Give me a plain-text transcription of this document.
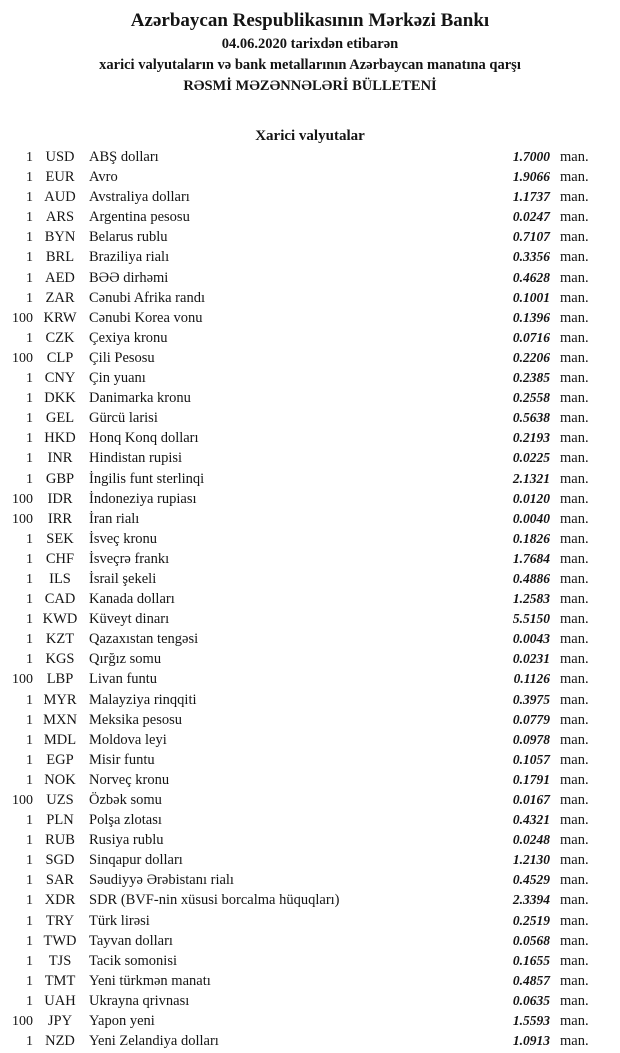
Azərbaycan Respublikasının Mərkəzi Bankı
04.06.2020 tarixdən etibarən
xarici valyutaların və bank metallarının Azərbaycan manatına qarşı
RƏSMİ MƏZƏNNƏLƏRİ BÜLLETENİ
Xarici valyutalar
1 USD	ABŞ dolları	1.7000 man.
1 EUR	Avro	1.9066 man.
1 AUD Avstraliya dolları	1.1737 man.
1 ARS	Argentina pesosu	0.0247 man.
1 BYN Belarus rublu	0.7107 man.
1 BRL	Braziliya rialı	0.3356 man.
1 AED BƏƏ dirhəmi	0.4628 man.
1 ZAR	Cənubi Afrika randı	0.1001 man.
100 KRW Cənubi Korea vonu	0.1396 man.
1 CZK	Çexiya kronu	0.0716 man.
100 CLP	Çili Pesosu	0.2206 man.
1 CNY Çin yuanı	0.2385 man.
1 DKK Danimarka kronu	0.2558 man.
1 GEL	Gürcü larisi	0.5638 man.
1 HKD Honq Konq dolları	0.2193 man.
1	INR	Hindistan rupisi	0.0225 man.
1 GBP	İngilis funt sterlinqi	2.1321 man.
100	IDR	İndoneziya rupiası	0.0120 man.
100	IRR	İran rialı	0.0040 man.
1 SEK	İsveç kronu	0.1826 man.
1 CHF	İsveçrə frankı	1.7684 man.
1	ILS	İsrail şekeli	0.4886 man.
1 CAD Kanada dolları	1.2583 man.
1 KWD Küveyt dinarı	5.5150 man.
1 KZT	Qazaxıstan tengəsi	0.0043 man.
1 KGS	Qırğız somu	0.0231 man.
100 LBP	Livan funtu	0.1126 man.
1 MYR Malayziya rinqqiti	0.3975 man.
1 MXN Meksika pesosu	0.0779 man.
1 MDL Moldova leyi	0.0978 man.
1 EGP	Misir funtu	0.1057 man.
1 NOK Norveç kronu	0.1791 man.
100 UZS	Özbək somu	0.0167 man.
1 PLN	Polşa zlotası	0.4321 man.
1 RUB Rusiya rublu	0.0248 man.
1 SGD	Sinqapur dolları	1.2130 man.
1 SAR	Səudiyyə Ərəbistanı rialı	0.4529 man.
1 XDR SDR (BVF-nin xüsusi borcalma hüquqları)	2.3394 man.
1 TRY	Türk lirəsi	0.2519 man.
1 TWD Tayvan dolları	0.0568 man.
1	TJS	Tacik somonisi	0.1655 man.
1 TMT Yeni türkmən manatı	0.4857 man.
1 UAH Ukrayna qrivnası	0.0635 man.
100	JPY	Yapon yeni	1.5593 man.
1 NZD Yeni Zelandiya dolları	1.0913 man.
